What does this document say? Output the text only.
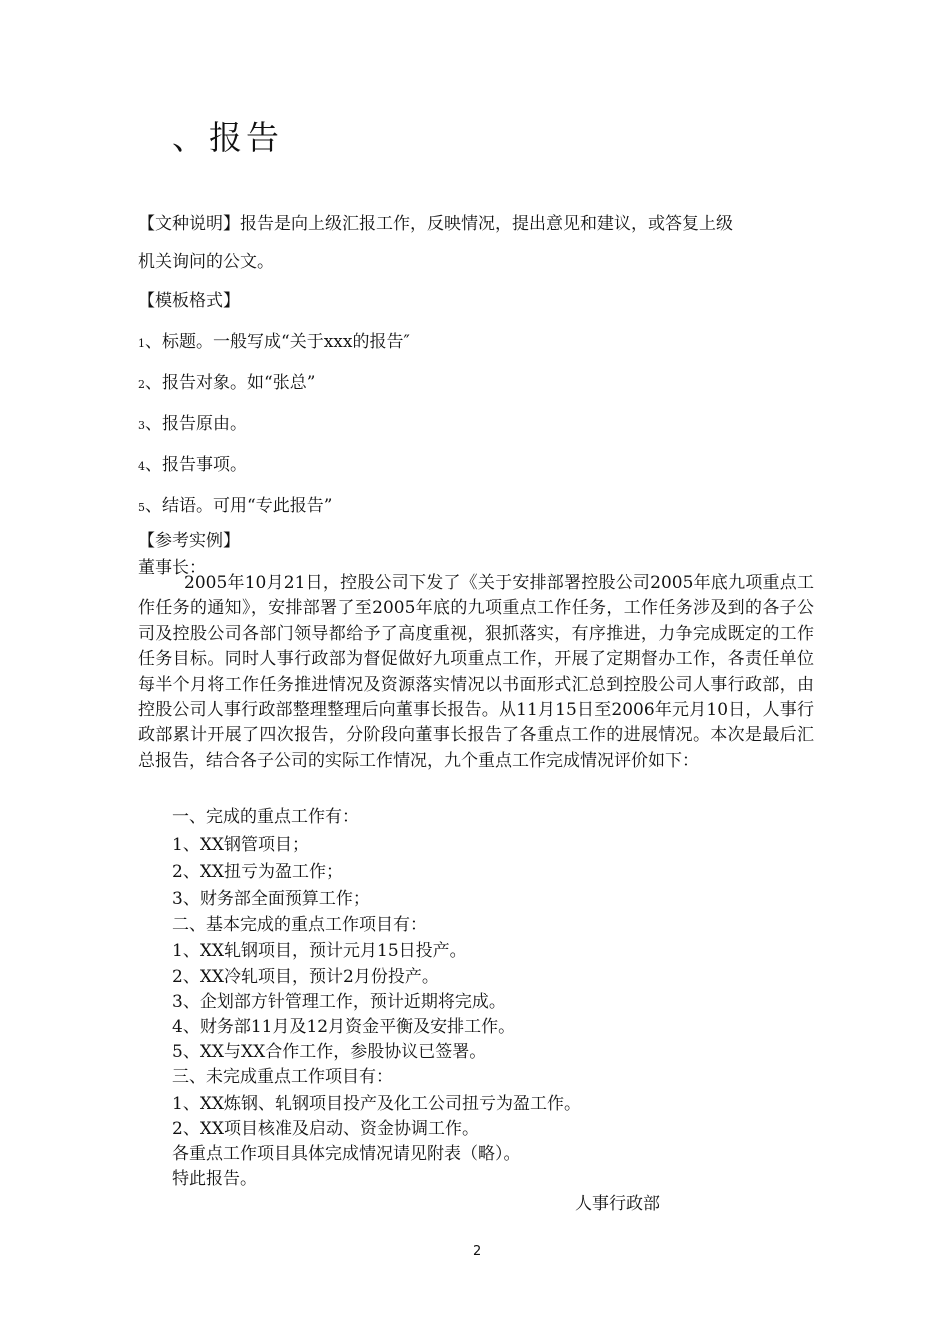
、报告
【文种说明】报告是向上级汇报工作，反映情况，提出意见和建议，或答复上级
机关询问的公文。
【模板格式】
1、标题。一般写成“关于xxx的报告″
2、报告对象。如“张总”
3、报告原由。
4、报告事项。
5、结语。可用“专此报告”
【参考实例】
董事长：
2005年10月21日，控股公司下发了《关于安排部署控股公司2005年底九项重点工作任务的通知》，安排部署了至2005年底的九项重点工作任务，工作任务涉及到的各子公司及控股公司各部门领导都给予了高度重视，狠抓落实，有序推进，力争完成既定的工作任务目标。同时人事行政部为督促做好九项重点工作，开展了定期督办工作，各责任单位每半个月将工作任务推进情况及资源落实情况以书面形式汇总到控股公司人事行政部，由控股公司人事行政部整理整理后向董事长报告。从11月15日至2006年元月10日，人事行政部累计开展了四次报告，分阶段向董事长报告了各重点工作的进展情况。本次是最后汇总报告，结合各子公司的实际工作情况，九个重点工作完成情况评价如下：
一、完成的重点工作有：
1、XX钢管项目；
2、XX扭亏为盈工作；
3、财务部全面预算工作；
二、基本完成的重点工作项目有：
1、XX轧钢项目，预计元月15日投产。
2、XX冷轧项目，预计2月份投产。
3、企划部方针管理工作，预计近期将完成。
4、财务部11月及12月资金平衡及安排工作。
5、XX与XX合作工作，参股协议已签署。
三、未完成重点工作项目有：
1、XX炼钢、轧钢项目投产及化工公司扭亏为盈工作。
2、XX项目核准及启动、资金协调工作。
各重点工作项目具体完成情况请见附表（略）。
特此报告。
人事行政部
2
